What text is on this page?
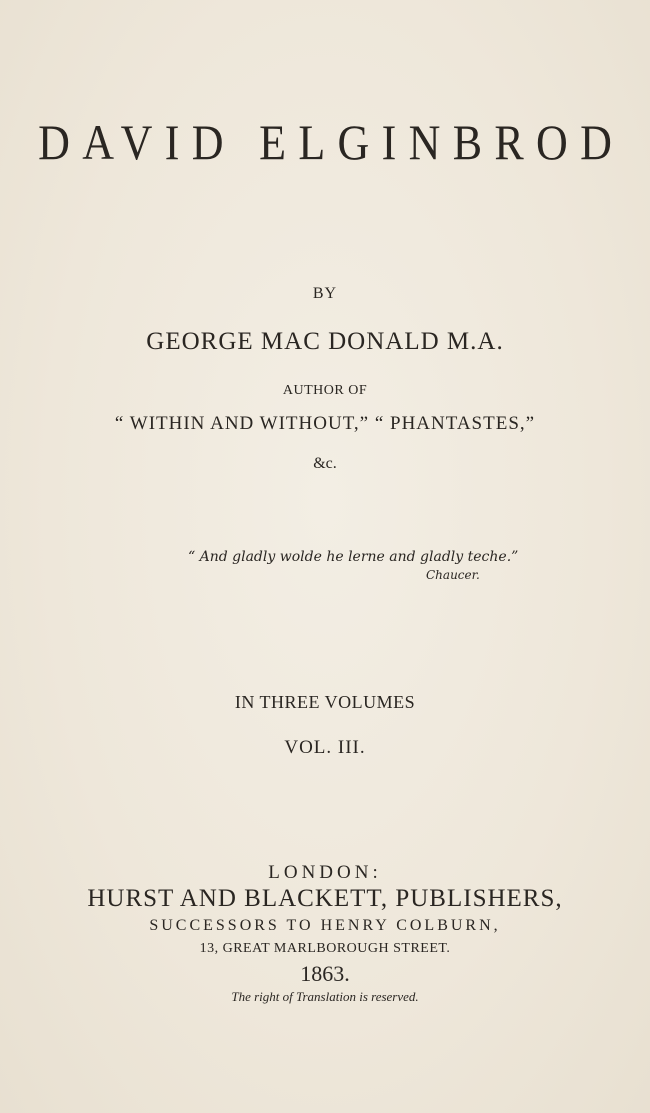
DAVID ELGINBROD
BY
GEORGE MAC DONALD M.A.
AUTHOR OF
“ WITHIN AND WITHOUT,” “ PHANTASTES,”
&c.
“ And gladly wolde he lerne and gladly teche.”
Chaucer.
IN THREE VOLUMES
VOL. III.
LONDON:
HURST AND BLACKETT, PUBLISHERS,
SUCCESSORS TO HENRY COLBURN,
13, GREAT MARLBOROUGH STREET.
1863.
The right of Translation is reserved.
